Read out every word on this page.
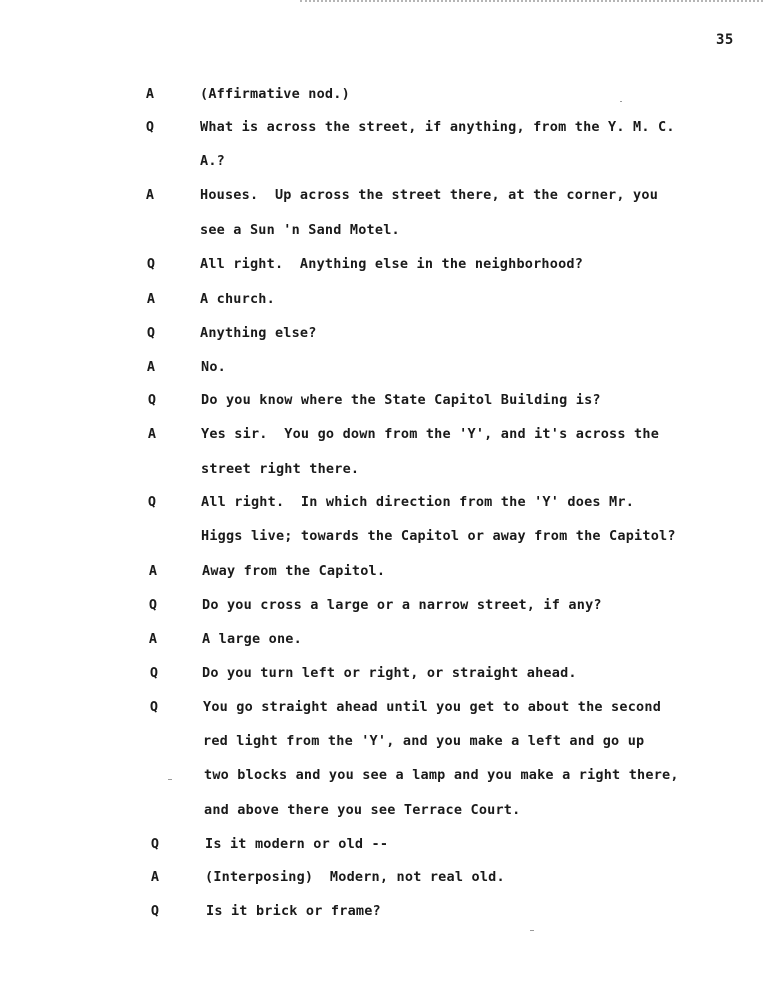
35
A	(Affirmative nod.)
Q	What is across the street, if anything, from the Y. M. C.
A.?
A	Houses.  Up across the street there, at the corner, you
see a Sun 'n Sand Motel.
Q	All right.  Anything else in the neighborhood?
A	A church.
Q	Anything else?
A	No.
Q	Do you know where the State Capitol Building is?
A	Yes sir.  You go down from the 'Y', and it's across the
street right there.
Q	All right.  In which direction from the 'Y' does Mr.
Higgs live; towards the Capitol or away from the Capitol?
A	Away from the Capitol.
Q	Do you cross a large or a narrow street, if any?
A	A large one.
Q	Do you turn left or right, or straight ahead.
Q	You go straight ahead until you get to about the second
red light from the 'Y', and you make a left and go up
two blocks and you see a lamp and you make a right there,
and above there you see Terrace Court.
Q	Is it modern or old --
A	(Interposing)  Modern, not real old.
Q	Is it brick or frame?
